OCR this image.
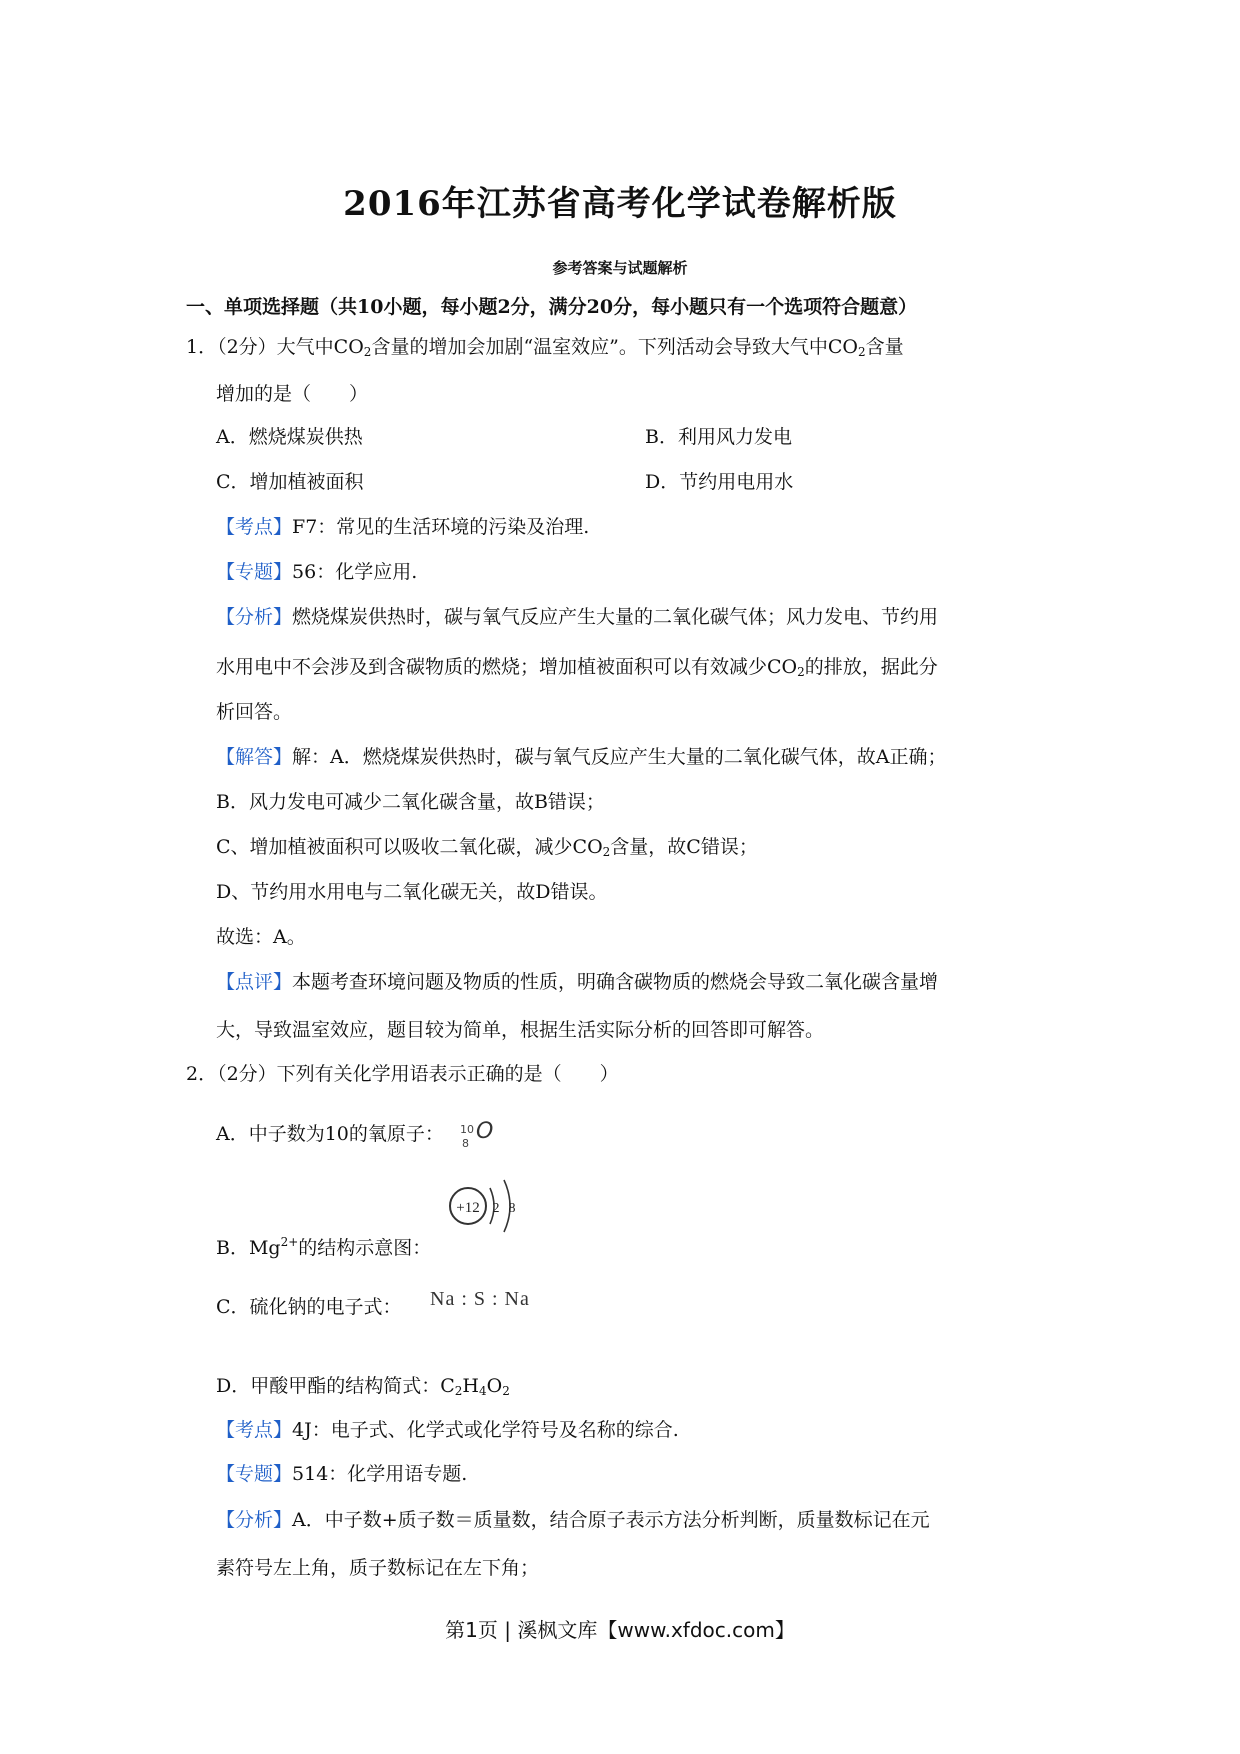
2016年江苏省高考化学试卷解析版
参考答案与试题解析
一、单项选择题（共10小题，每小题2分，满分20分，每小题只有一个选项符合题意）
1．（2分）大气中$CO_2$含量的增加会加剧“温室效应”。下列活动会导致大气中$CO_2$含量
增加的是（　　）
A．燃烧煤炭供热	B．利用风力发电
C．增加植被面积	D．节约用电用水
【考点】F7：常见的生活环境的污染及治理.
【专题】56：化学应用.
【分析】燃烧煤炭供热时，碳与氧气反应产生大量的二氧化碳气体；风力发电、节约用
水用电中不会涉及到含碳物质的燃烧；增加植被面积可以有效减少$CO_2$的排放，据此分
析回答。
【解答】解：A．燃烧煤炭供热时，碳与氧气反应产生大量的二氧化碳气体，故A正确；
B．风力发电可减少二氧化碳含量，故B错误；
C、增加植被面积可以吸收二氧化碳，减少$CO_2$含量，故C错误；
D、节约用水用电与二氧化碳无关，故D错误。
故选：A。
【点评】本题考查环境问题及物质的性质，明确含碳物质的燃烧会导致二氧化碳含量增
大，导致温室效应，题目较为简单，根据生活实际分析的回答即可解答。
2．（2分）下列有关化学用语表示正确的是（　　）
A．中子数为10的氧原子： 10
8 O
+12 2 8
B．$Mg^{2+}$的结构示意图：
C．硫化钠的电子式： Na : S : Na
D．甲酸甲酯的结构简式：$C_2H_4O_2$
【考点】4J：电子式、化学式或化学符号及名称的综合.
【专题】514：化学用语专题.
【分析】A．中子数+质子数＝质量数，结合原子表示方法分析判断，质量数标记在元
素符号左上角，质子数标记在左下角；
第1页 | 溪枫文库【www.xfdoc.com】
